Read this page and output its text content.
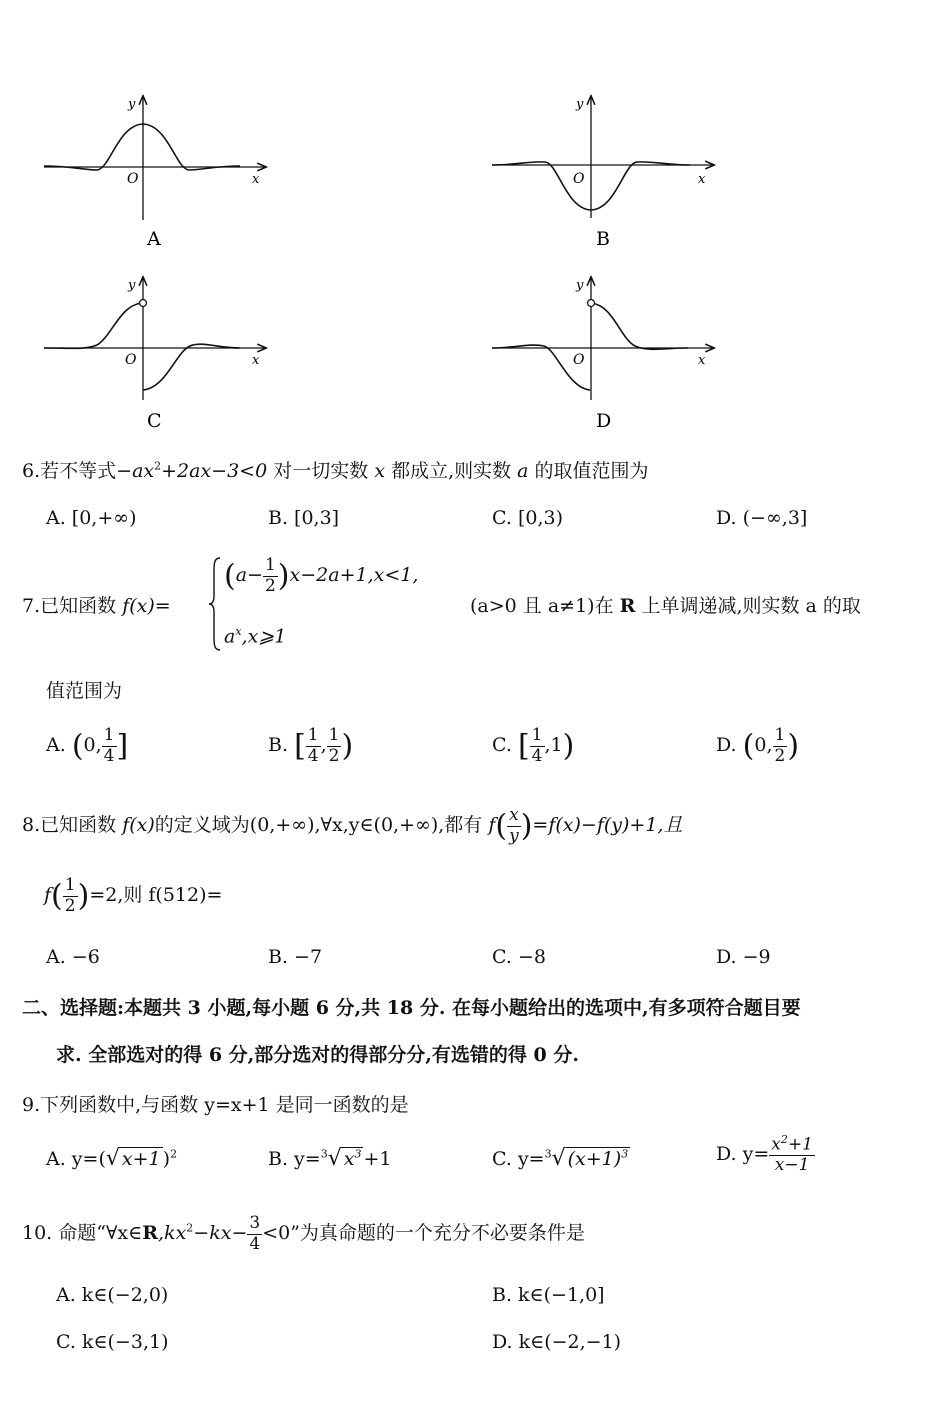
y
x
O
y
x
O
y
x
O
y
x
O
A	B
C	D
6.若不等式$-ax^2+2ax-3<0$ 对一切实数 x 都成立,则实数 a 的取值范围为
A. [0,+∞)	B. [0,3]	C. [0,3)	D. (−∞,3]
7.已知函数 f(x)=
$(a- \frac{1}{2} )x-2a+1,x<1$,
$a^x,x⩾1$
(a>0 且 a≠1)在 R 上单调递减,则实数 a 的取
值范围为
A. (0, $\frac{1}{4}$ ]	B. [ $\frac{1}{4}$ , $\frac{1}{2}$ )	C. [ $\frac{1}{4} ,1$)	D. (0, $\frac{1}{2}$ )
8.已知函数 f(x)的定义域为(0,+∞),∀x,y∈(0,+∞),都有 $f( \frac{x}{y} )=f(x)-f(y)+1$,且
$f( \frac{1}{2} )=2$,则 f(512)=
A. −6	B. −7	C. −8	D. −9
二、选择题:本题共 3 小题,每小题 6 分,共 18 分. 在每小题给出的选项中,有多项符合题目要
求. 全部选对的得 6 分,部分选对的得部分分,有选错的得 0 分.
9.下列函数中,与函数 y=x+1 是同一函数的是
A. y=(√ x+1 )$^2$	B. y=$^3$√ $x^3 +1$	C. y=$^3$√ $(x+1)^3$	D. $y= \frac{x^2+1}{x-1}$
10. 命题“$\forall x\in R,kx^2-kx- \frac{3}{4} <0$”为真命题的一个充分不必要条件是
A. k∈(−2,0)	B. k∈(−1,0]
C. k∈(−3,1)	D. k∈(−2,−1)
